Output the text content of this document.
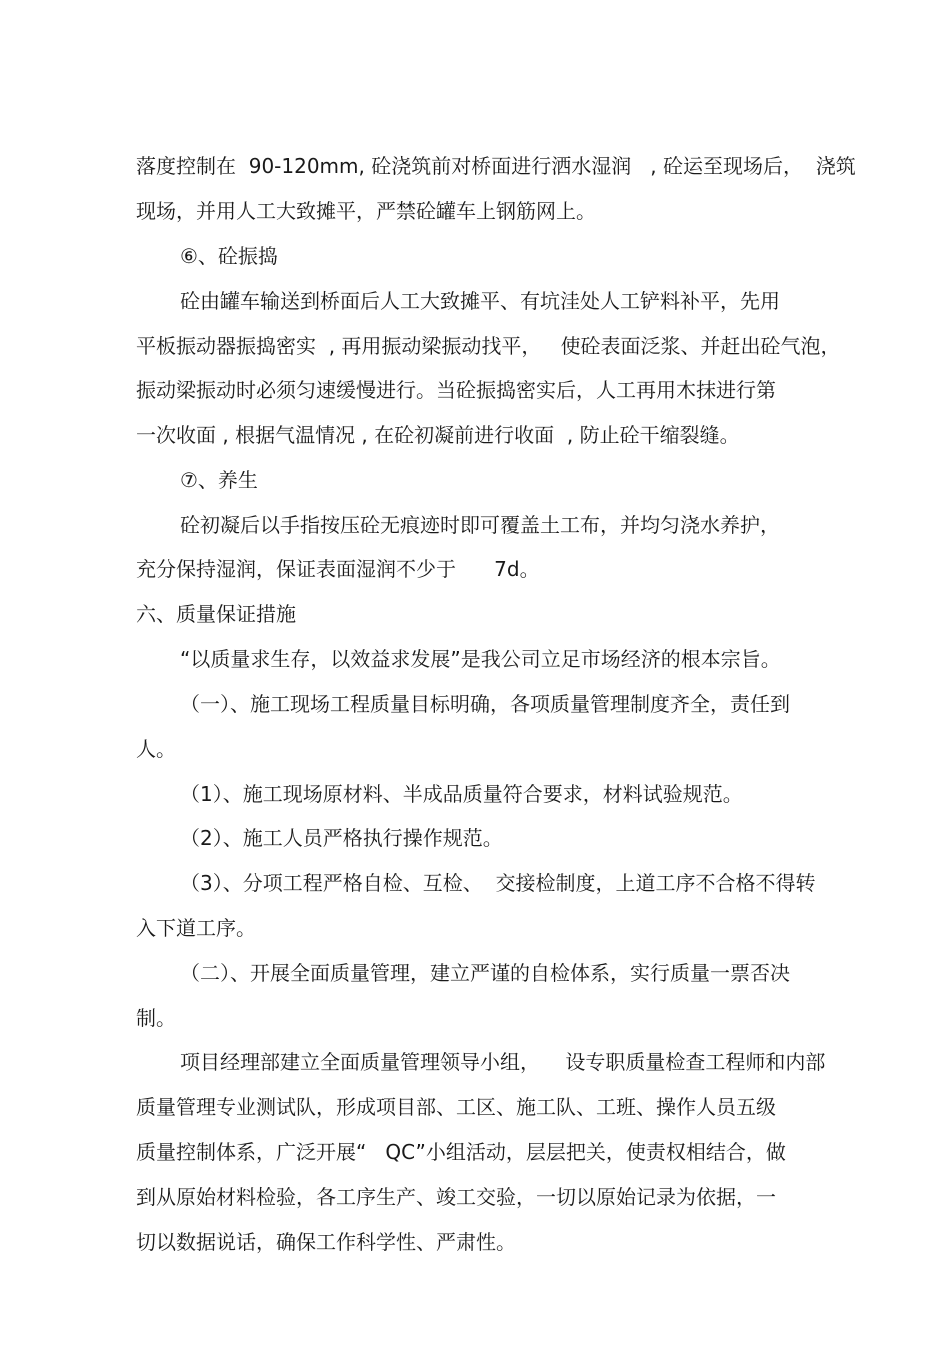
落度控制在  90-120mm, 砼浇筑前对桥面进行洒水湿润   , 砼运至现场后，  浇筑
现场，并用人工大致摊平，严禁砼罐车上钢筋网上。
⑥、砼振捣
砼由罐车输送到桥面后人工大致摊平、有坑洼处人工铲料补平，先用
平板振动器振捣密实  , 再用振动梁振动找平，   使砼表面泛浆、并赶出砼气泡，
振动梁振动时必须匀速缓慢进行。当砼振捣密实后，人工再用木抹进行第
一次收面 , 根据气温情况 , 在砼初凝前进行收面  , 防止砼干缩裂缝。
⑦、养生
砼初凝后以手指按压砼无痕迹时即可覆盖土工布，并均匀浇水养护，
充分保持湿润，保证表面湿润不少于      7d。
六、质量保证措施
“以质量求生存，以效益求发展”是我公司立足市场经济的根本宗旨。
（一）、施工现场工程质量目标明确，各项质量管理制度齐全，责任到
人。
（1）、施工现场原材料、半成品质量符合要求，材料试验规范。
（2）、施工人员严格执行操作规范。
（3）、分项工程严格自检、互检、  交接检制度，上道工序不合格不得转
入下道工序。
（二）、开展全面质量管理，建立严谨的自检体系，实行质量一票否决
制。
项目经理部建立全面质量管理领导小组，    设专职质量检查工程师和内部
质量管理专业测试队，形成项目部、工区、施工队、工班、操作人员五级
质量控制体系，广泛开展“   QC”小组活动，层层把关，使责权相结合，做
到从原始材料检验，各工序生产、竣工交验，一切以原始记录为依据，一
切以数据说话，确保工作科学性、严肃性。
